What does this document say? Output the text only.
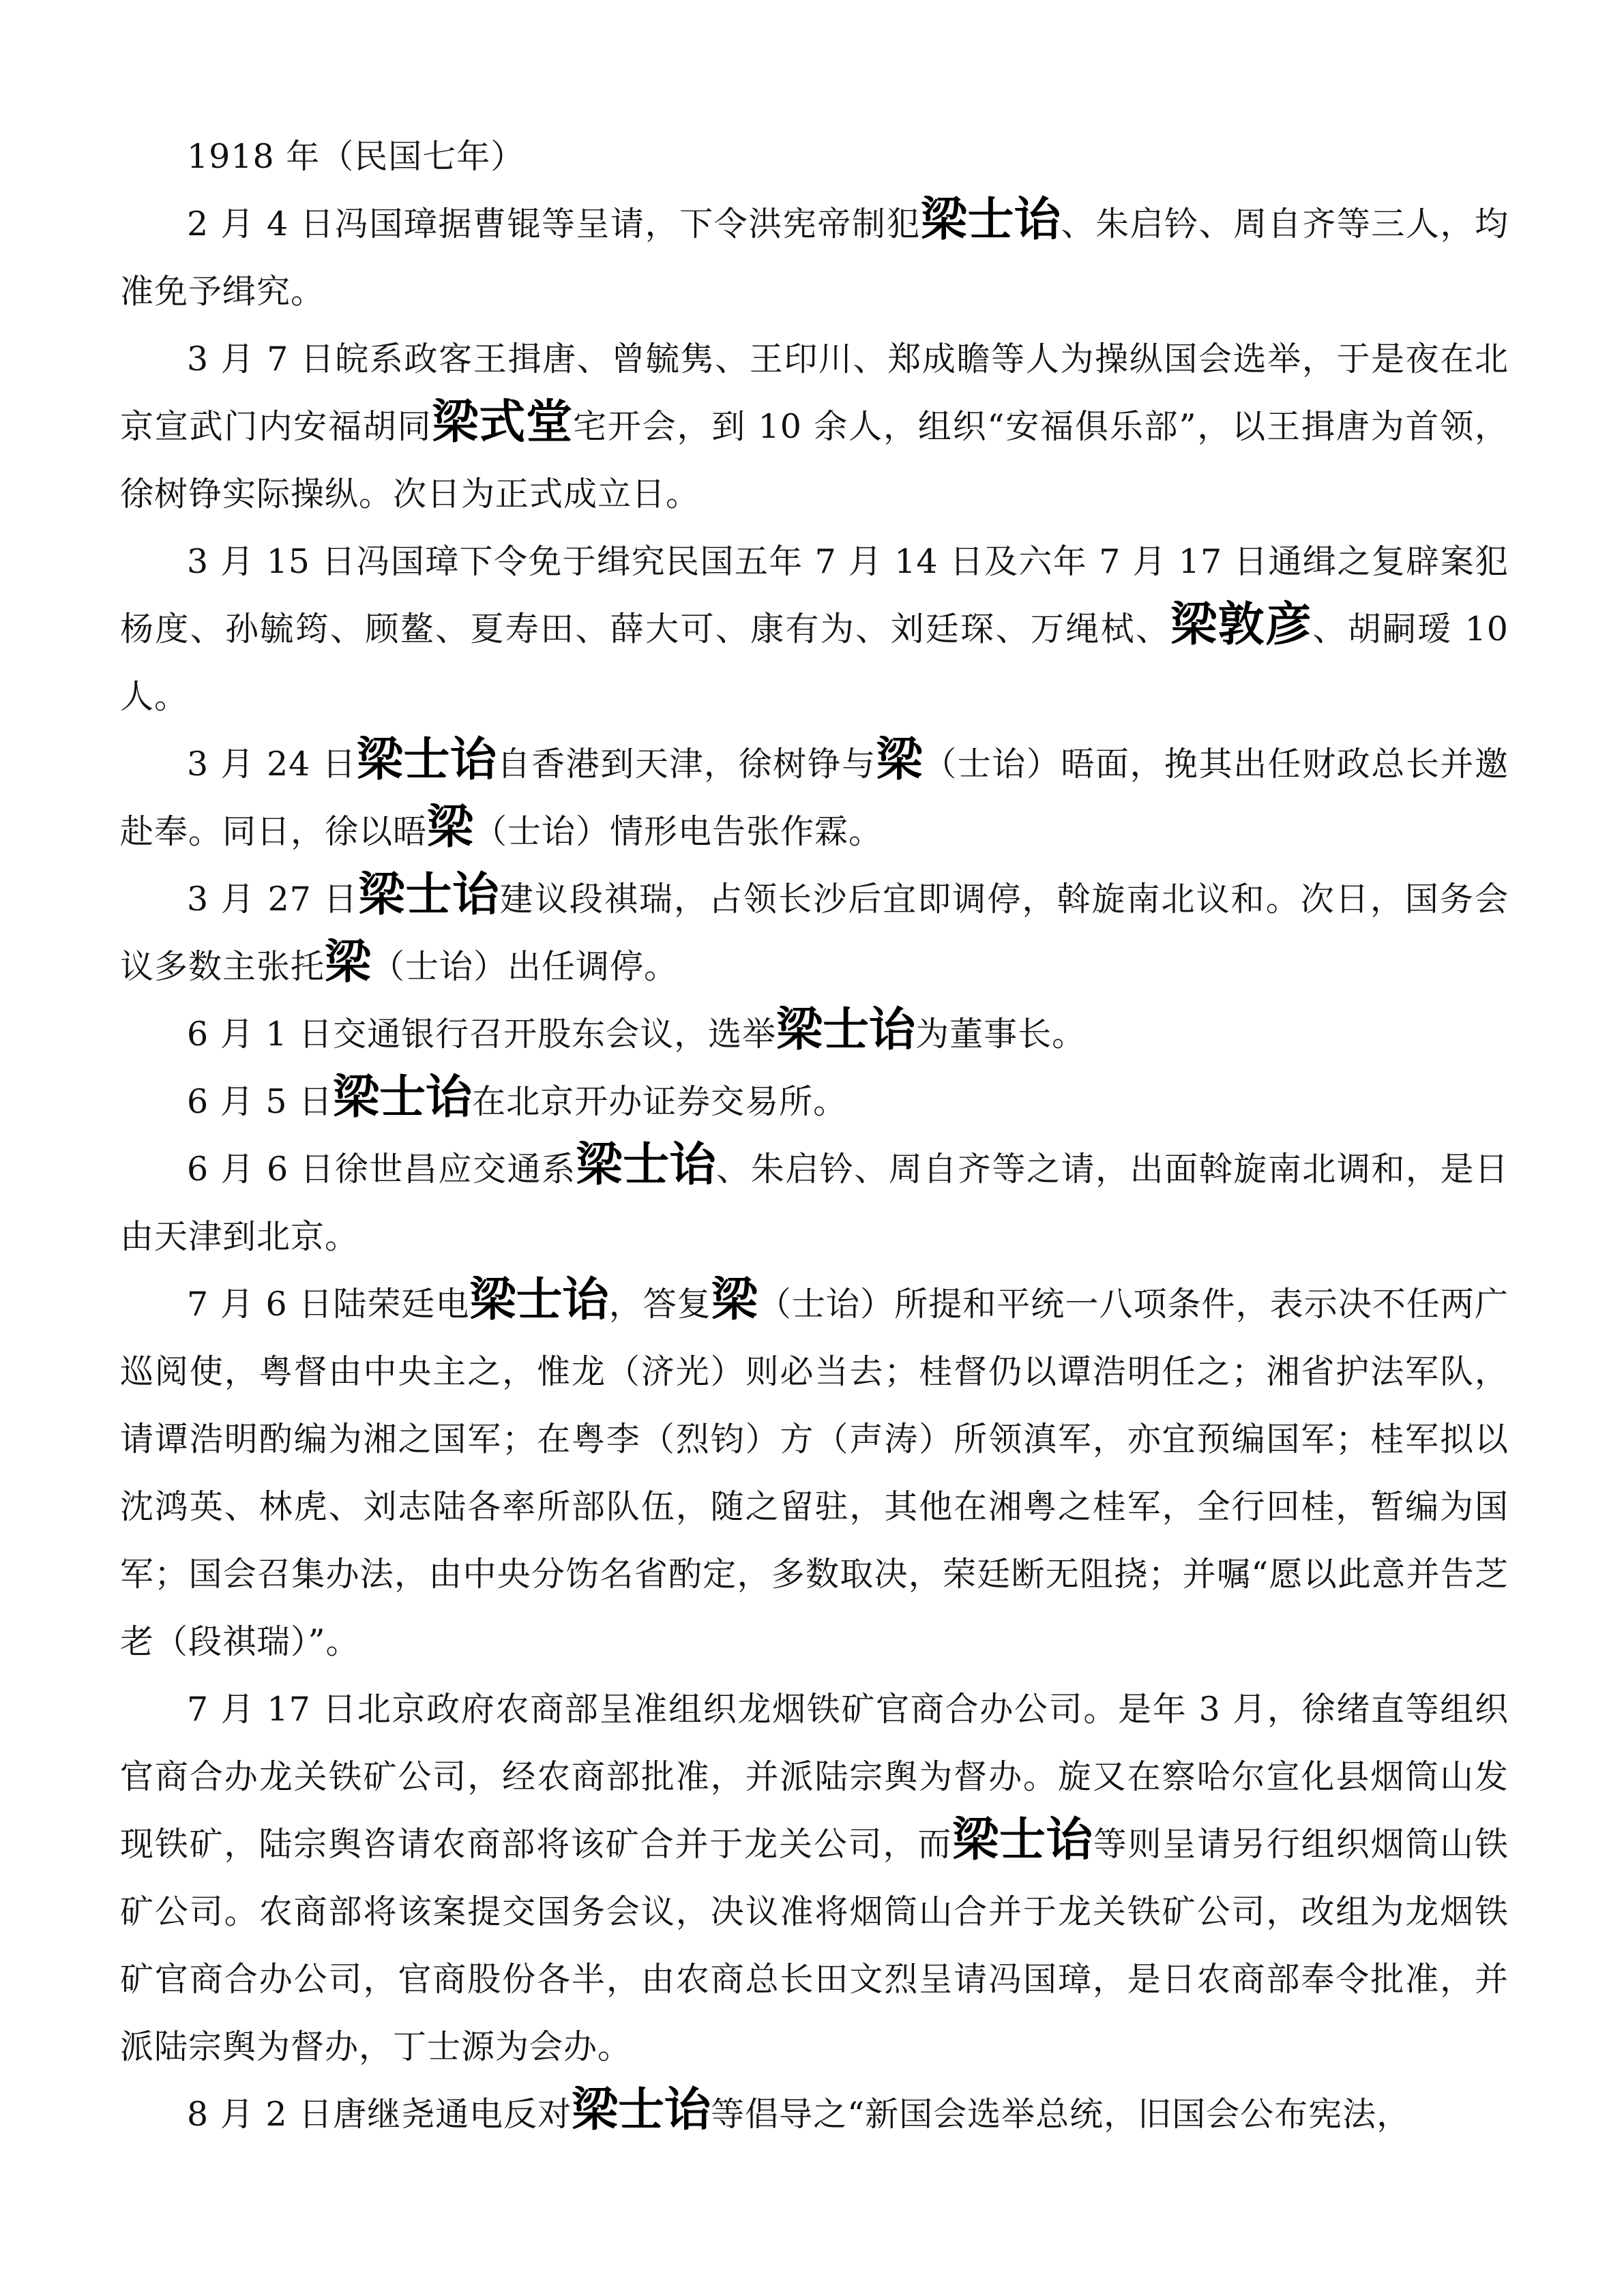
1918 年（民国七年）

2 月 4 日冯国璋据曹锟等呈请，下令洪宪帝制犯梁士诒、朱启钤、周自齐等三人，均准免予缉究。

3 月 7 日皖系政客王揖唐、曾毓隽、王印川、郑成瞻等人为操纵国会选举，于是夜在北京宣武门内安福胡同梁式堂宅开会，到 10 余人，组织“安福俱乐部”，以王揖唐为首领，徐树铮实际操纵。次日为正式成立日。

3 月 15 日冯国璋下令免于缉究民国五年 7 月 14 日及六年 7 月 17 日通缉之复辟案犯杨度、孙毓筠、顾鳌、夏寿田、薛大可、康有为、刘廷琛、万绳栻、梁敦彦、胡嗣瑷 10 人。

3 月 24 日梁士诒自香港到天津，徐树铮与梁（士诒）晤面，挽其出任财政总长并邀赴奉。同日，徐以晤梁（士诒）情形电告张作霖。

3 月 27 日梁士诒建议段祺瑞，占领长沙后宜即调停，斡旋南北议和。次日，国务会议多数主张托梁（士诒）出任调停。

6 月 1 日交通银行召开股东会议，选举梁士诒为董事长。

6 月 5 日梁士诒在北京开办证券交易所。

6 月 6 日徐世昌应交通系梁士诒、朱启钤、周自齐等之请，出面斡旋南北调和，是日由天津到北京。

7 月 6 日陆荣廷电梁士诒，答复梁（士诒）所提和平统一八项条件，表示决不任两广巡阅使，粤督由中央主之，惟龙（济光）则必当去；桂督仍以谭浩明任之；湘省护法军队，请谭浩明酌编为湘之国军；在粤李（烈钧）方（声涛）所领滇军，亦宜预编国军；桂军拟以沈鸿英、林虎、刘志陆各率所部队伍，随之留驻，其他在湘粤之桂军，全行回桂，暂编为国军；国会召集办法，由中央分饬名省酌定，多数取决，荣廷断无阻挠；并嘱“愿以此意并告芝老（段祺瑞）”。

7 月 17 日北京政府农商部呈准组织龙烟铁矿官商合办公司。是年 3 月，徐绪直等组织官商合办龙关铁矿公司，经农商部批准，并派陆宗舆为督办。旋又在察哈尔宣化县烟筒山发现铁矿，陆宗舆咨请农商部将该矿合并于龙关公司，而梁士诒等则呈请另行组织烟筒山铁矿公司。农商部将该案提交国务会议，决议准将烟筒山合并于龙关铁矿公司，改组为龙烟铁矿官商合办公司，官商股份各半，由农商总长田文烈呈请冯国璋，是日农商部奉令批准，并派陆宗舆为督办，丁士源为会办。

8 月 2 日唐继尧通电反对梁士诒等倡导之“新国会选举总统，旧国会公布宪法，
